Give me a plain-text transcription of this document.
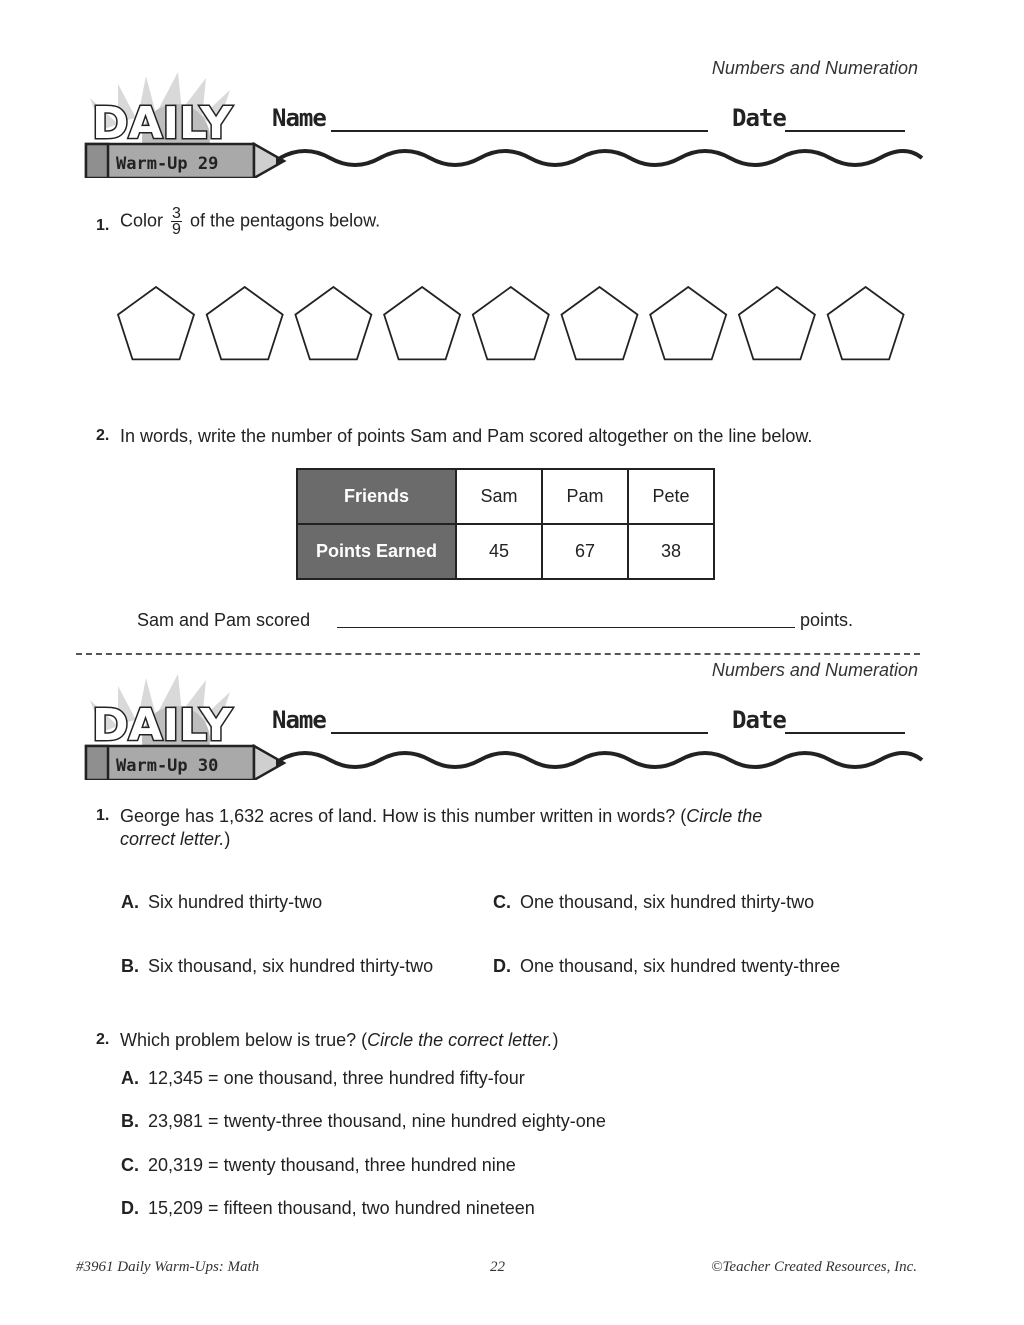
Numbers and Numeration
DAILY
Warm-Up 29
Name	Date
1. Color $\frac{3}{9}$ of the pentagons below.
2. In words, write the number of points Sam and Pam scored altogether on the line below.
Friends	Sam	Pam	Pete
Points Earned	45	67	38
Sam and Pam scored	points.
Numbers and Numeration
DAILY
Warm-Up 30
Name	Date
1. George has 1,632 acres of land. How is this number written in words? (Circle the
correct letter.)
A. Six hundred thirty-two	C. One thousand, six hundred thirty-two
B. Six thousand, six hundred thirty-two	D. One thousand, six hundred twenty-three
2. Which problem below is true? (Circle the correct letter.)
A. 12,345 = one thousand, three hundred fifty-four
B. 23,981 = twenty-three thousand, nine hundred eighty-one
C. 20,319 = twenty thousand, three hundred nine
D. 15,209 = fifteen thousand, two hundred nineteen
#3961 Daily Warm-Ups: Math	22	©Teacher Created Resources, Inc.
